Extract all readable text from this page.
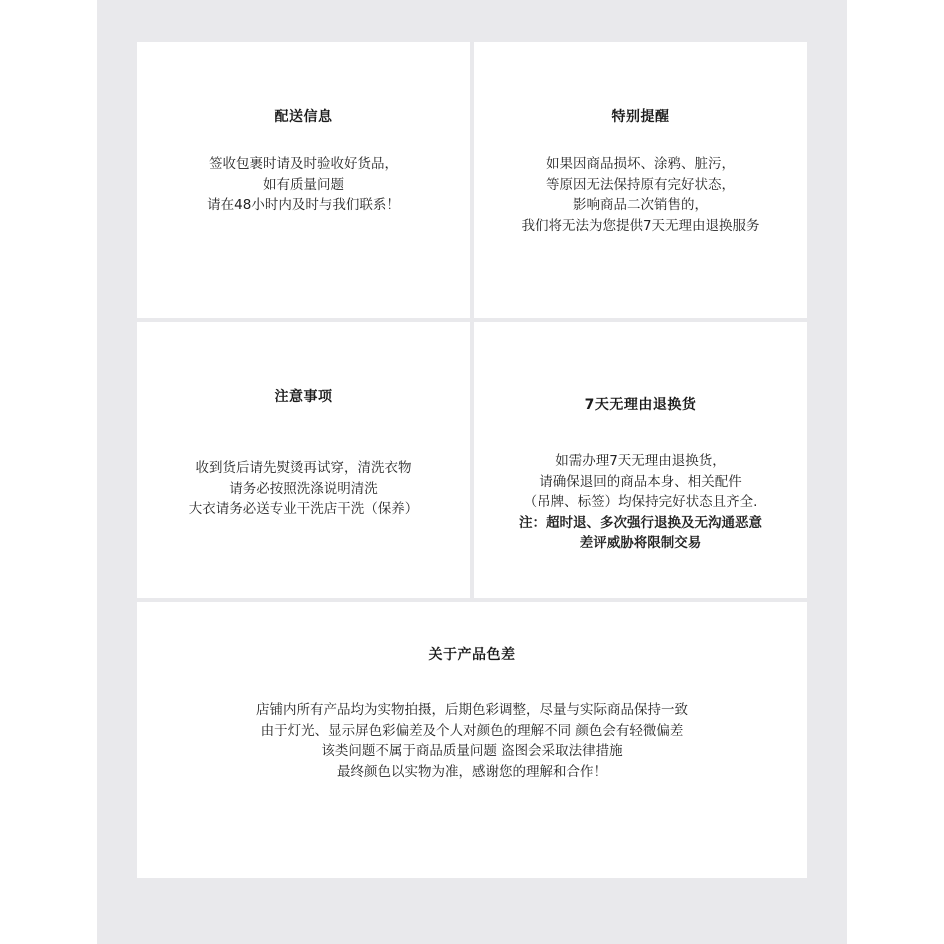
配送信息
签收包裹时请及时验收好货品，
如有质量问题
请在48小时内及时与我们联系！
特别提醒
如果因商品损坏、涂鸦、脏污，
等原因无法保持原有完好状态，
影响商品二次销售的，
我们将无法为您提供7天无理由退换服务
注意事项
收到货后请先熨烫再试穿，清洗衣物
请务必按照洗涤说明清洗
大衣请务必送专业干洗店干洗（保养）
7天无理由退换货
如需办理7天无理由退换货，
请确保退回的商品本身、相关配件
（吊牌、标签）均保持完好状态且齐全.
注：超时退、多次强行退换及无沟通恶意
差评威胁将限制交易
关于产品色差
店铺内所有产品均为实物拍摄，后期色彩调整，尽量与实际商品保持一致
由于灯光、显示屏色彩偏差及个人对颜色的理解不同 颜色会有轻微偏差
该类问题不属于商品质量问题 盗图会采取法律措施
最终颜色以实物为准，感谢您的理解和合作！
